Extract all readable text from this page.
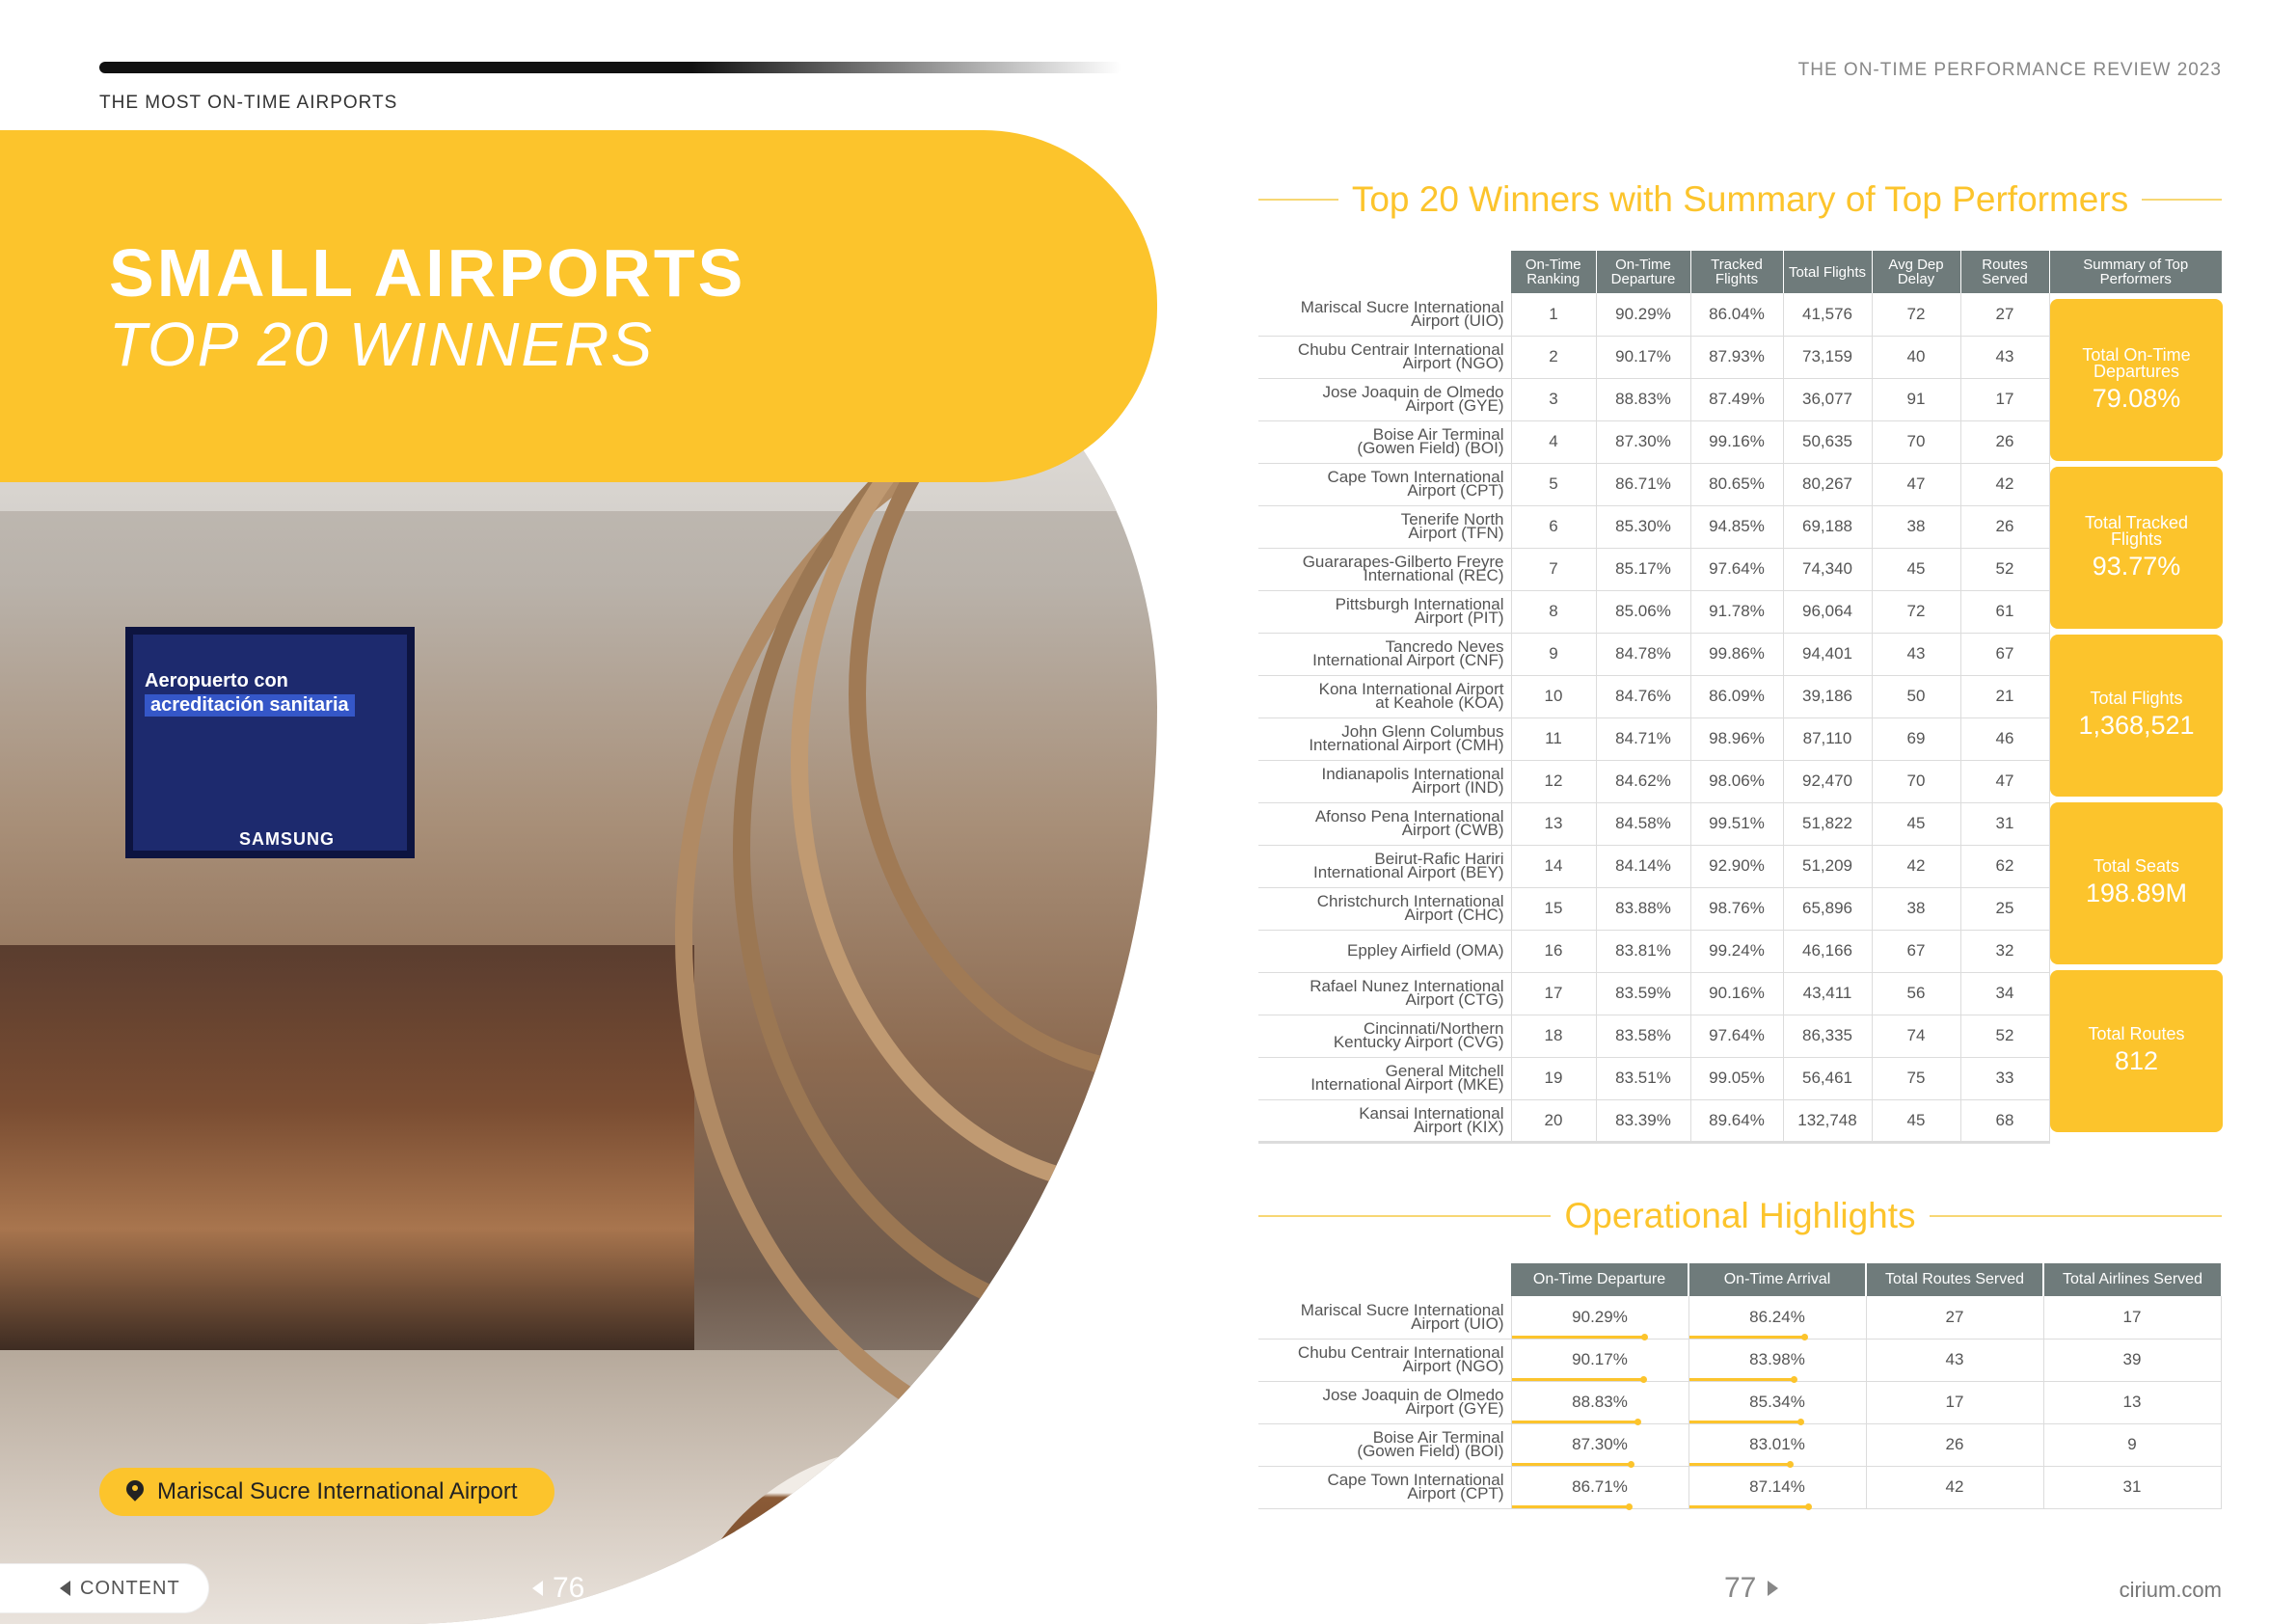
THE MOST ON-TIME AIRPORTS
Aeropuerto con
acreditación sanitaria
SAMSUNG
SMALL AIRPORTS
TOP 20 WINNERS
Mariscal Sucre International Airport
CONTENT	76
THE ON-TIME PERFORMANCE REVIEW 2023
Top 20 Winners with Summary of Top Performers
	On-Time Ranking	On-Time Departure	Tracked Flights	Total Flights	Avg Dep Delay	Routes Served	Summary of Top Performers

Mariscal Sucre International
Airport (UIO)	1	90.29%	86.04%	41,576	72	27	

Chubu Centrair International
Airport (NGO)	2	90.17%	87.93%	73,159	40	43	

Jose Joaquin de Olmedo
Airport (GYE)	3	88.83%	87.49%	36,077	91	17	

Boise Air Terminal
(Gowen Field) (BOI)	4	87.30%	99.16%	50,635	70	26	

Cape Town International
Airport (CPT)	5	86.71%	80.65%	80,267	47	42	

Tenerife North
Airport (TFN)	6	85.30%	94.85%	69,188	38	26	

Guararapes-Gilberto Freyre
International (REC)	7	85.17%	97.64%	74,340	45	52	

Pittsburgh International
Airport (PIT)	8	85.06%	91.78%	96,064	72	61	

Tancredo Neves
International Airport (CNF)	9	84.78%	99.86%	94,401	43	67	

Kona International Airport
at Keahole (KOA)	10	84.76%	86.09%	39,186	50	21	

John Glenn Columbus
International Airport (CMH)	11	84.71%	98.96%	87,110	69	46	

Indianapolis International
Airport (IND)	12	84.62%	98.06%	92,470	70	47	

Afonso Pena International
Airport (CWB)	13	84.58%	99.51%	51,822	45	31	

Beirut-Rafic Hariri
International Airport (BEY)	14	84.14%	92.90%	51,209	42	62	

Christchurch International
Airport (CHC)	15	83.88%	98.76%	65,896	38	25	

Eppley Airfield (OMA)	16	83.81%	99.24%	46,166	67	32	

Rafael Nunez International
Airport (CTG)	17	83.59%	90.16%	43,411	56	34	

Cincinnati/Northern
Kentucky Airport (CVG)	18	83.58%	97.64%	86,335	74	52	

General Mitchell
International Airport (MKE)	19	83.51%	99.05%	56,461	75	33	

Kansai International
Airport (KIX)	20	83.39%	89.64%	132,748	45	68	
Total On-Time Departures
79.08%
Total Tracked Flights
93.77%
Total Flights
1,368,521
Total Seats
198.89M
Total Routes
812
Operational Highlights
	On-Time Departure	On-Time Arrival	Total Routes Served	Total Airlines Served

Mariscal Sucre International
Airport (UIO)	90.29%	86.24%	27	17

Chubu Centrair International
Airport (NGO)	90.17%	83.98%	43	39

Jose Joaquin de Olmedo
Airport (GYE)	88.83%	85.34%	17	13

Boise Air Terminal
(Gowen Field) (BOI)	87.30%	83.01%	26	9

Cape Town International
Airport (CPT)	86.71%	87.14%	42	31
77	cirium.com
